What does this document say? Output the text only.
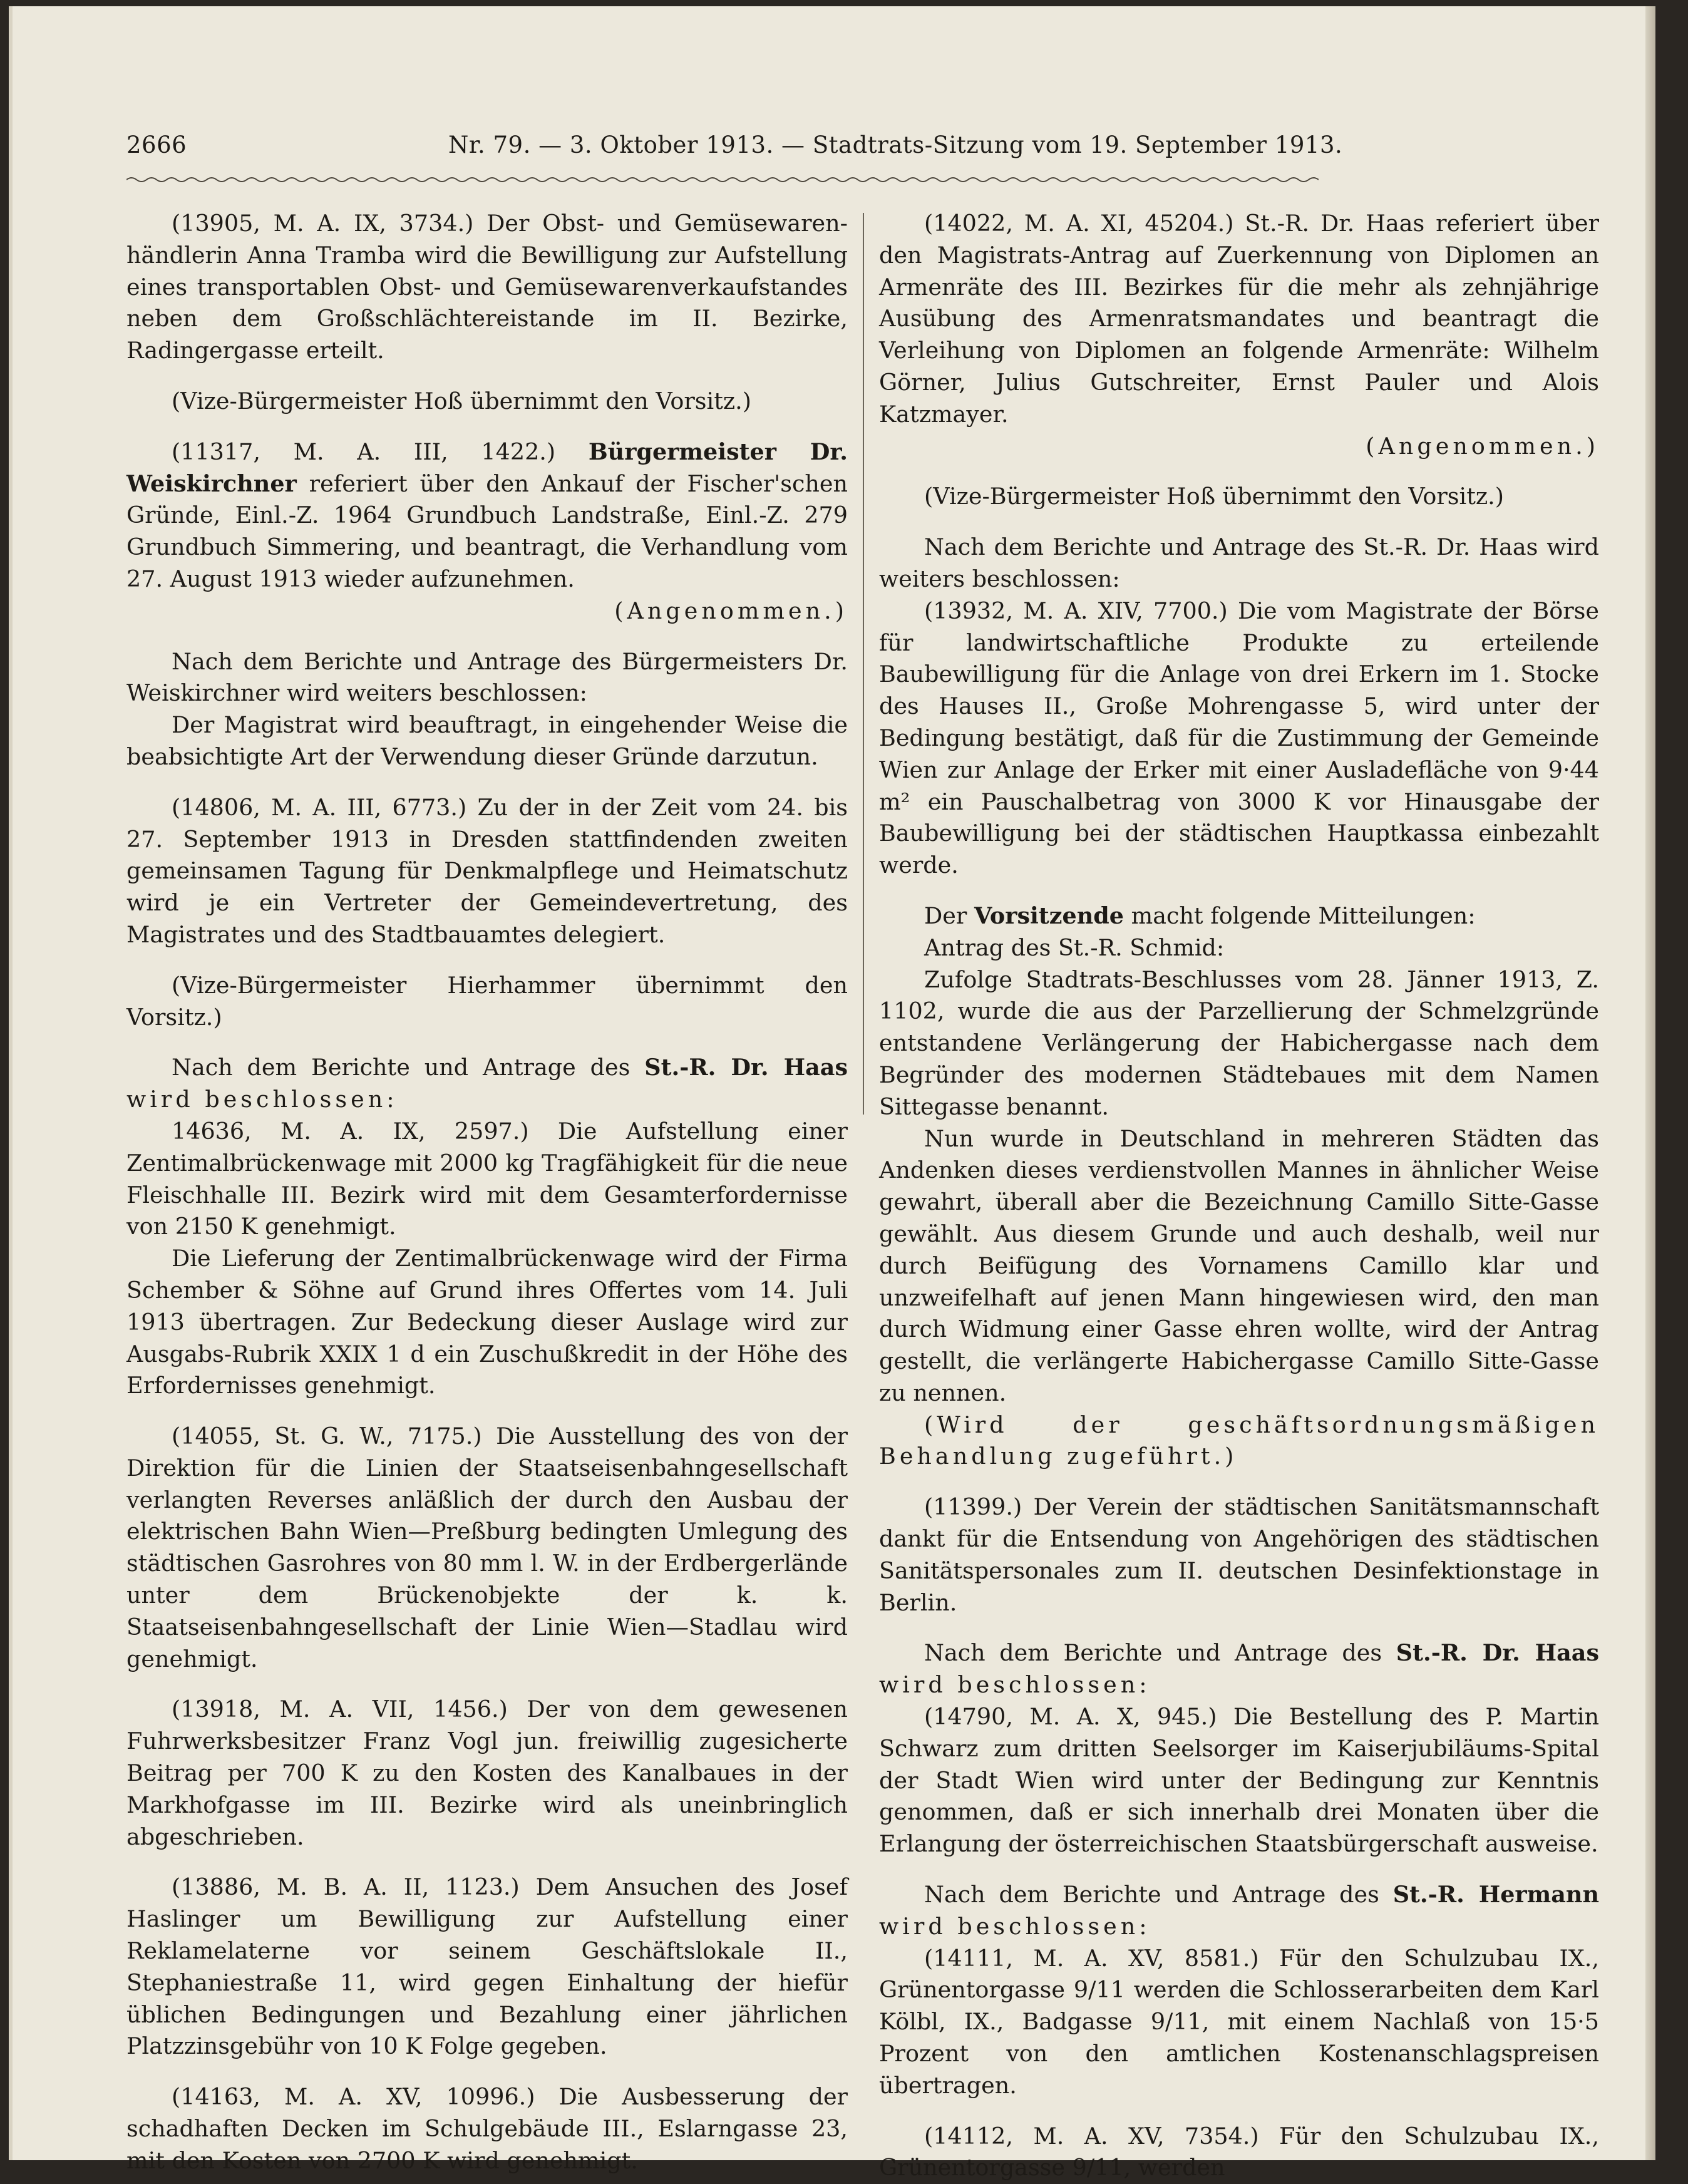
2666	Nr. 79. — 3. Oktober 1913. — Stadtrats-Sitzung vom 19. September 1913.

(13905, M. A. IX, 3734.) Der Obst- und Gemüsewaren-händlerin Anna Tramba wird die Bewilligung zur Aufstellung eines transportablen Obst- und Gemüsewarenverkaufstandes neben dem Großschlächtereistande im II. Bezirke, Radingergasse erteilt.

(Vize-Bürgermeister Hoß übernimmt den Vorsitz.)

(11317, M. A. III, 1422.) Bürgermeister Dr. Weiskirchner referiert über den Ankauf der Fischer'schen Gründe, Einl.-Z. 1964 Grundbuch Landstraße, Einl.-Z. 279 Grundbuch Simmering, und beantragt, die Verhandlung vom 27. August 1913 wieder aufzunehmen.
(Angenommen.)

Nach dem Berichte und Antrage des Bürgermeisters Dr. Weiskirchner wird weiters beschlossen:

Der Magistrat wird beauftragt, in eingehender Weise die beabsichtigte Art der Verwendung dieser Gründe darzutun.

(14806, M. A. III, 6773.) Zu der in der Zeit vom 24. bis 27. September 1913 in Dresden stattfindenden zweiten gemeinsamen Tagung für Denkmalpflege und Heimatschutz wird je ein Vertreter der Gemeindevertretung, des Magistrates und des Stadtbauamtes delegiert.

(Vize-Bürgermeister Hierhammer übernimmt den Vorsitz.)

Nach dem Berichte und Antrage des St.-R. Dr. Haas wird beschlossen:

14636, M. A. IX, 2597.) Die Aufstellung einer Zentimalbrückenwage mit 2000 kg Tragfähigkeit für die neue Fleischhalle III. Bezirk wird mit dem Gesamterfordernisse von 2150 K genehmigt.

Die Lieferung der Zentimalbrückenwage wird der Firma Schember & Söhne auf Grund ihres Offertes vom 14. Juli 1913 übertragen. Zur Bedeckung dieser Auslage wird zur Ausgabs-Rubrik XXIX 1 d ein Zuschußkredit in der Höhe des Erfordernisses genehmigt.

(14055, St. G. W., 7175.) Die Ausstellung des von der Direktion für die Linien der Staatseisenbahngesellschaft verlangten Reverses anläßlich der durch den Ausbau der elektrischen Bahn Wien—Preßburg bedingten Umlegung des städtischen Gasrohres von 80 mm l. W. in der Erdbergerlände unter dem Brückenobjekte der k. k. Staatseisenbahngesellschaft der Linie Wien—Stadlau wird genehmigt.

(13918, M. A. VII, 1456.) Der von dem gewesenen Fuhrwerksbesitzer Franz Vogl jun. freiwillig zugesicherte Beitrag per 700 K zu den Kosten des Kanalbaues in der Markhofgasse im III. Bezirke wird als uneinbringlich abgeschrieben.

(13886, M. B. A. II, 1123.) Dem Ansuchen des Josef Haslinger um Bewilligung zur Aufstellung einer Reklamelaterne vor seinem Geschäftslokale II., Stephaniestraße 11, wird gegen Einhaltung der hiefür üblichen Bedingungen und Bezahlung einer jährlichen Platzzinsgebühr von 10 K Folge gegeben.

(14163, M. A. XV, 10996.) Die Ausbesserung der schadhaften Decken im Schulgebäude III., Eslarngasse 23, mit den Kosten von 2700 K wird genehmigt.

(14022, M. A. XI, 45204.) St.-R. Dr. Haas referiert über den Magistrats-Antrag auf Zuerkennung von Diplomen an Armenräte des III. Bezirkes für die mehr als zehnjährige Ausübung des Armenratsmandates und beantragt die Verleihung von Diplomen an folgende Armenräte: Wilhelm Görner, Julius Gutschreiter, Ernst Pauler und Alois Katzmayer.

(Angenommen.)

(Vize-Bürgermeister Hoß übernimmt den Vorsitz.)

Nach dem Berichte und Antrage des St.-R. Dr. Haas wird weiters beschlossen:

(13932, M. A. XIV, 7700.) Die vom Magistrate der Börse für landwirtschaftliche Produkte zu erteilende Baubewilligung für die Anlage von drei Erkern im 1. Stocke des Hauses II., Große Mohrengasse 5, wird unter der Bedingung bestätigt, daß für die Zustimmung der Gemeinde Wien zur Anlage der Erker mit einer Ausladefläche von 9·44 m² ein Pauschalbetrag von 3000 K vor Hinausgabe der Baubewilligung bei der städtischen Hauptkassa einbezahlt werde.

Der Vorsitzende macht folgende Mitteilungen:

Antrag des St.-R. Schmid:

Zufolge Stadtrats-Beschlusses vom 28. Jänner 1913, Z. 1102, wurde die aus der Parzellierung der Schmelzgründe entstandene Verlängerung der Habichergasse nach dem Begründer des modernen Städtebaues mit dem Namen Sittegasse benannt.

Nun wurde in Deutschland in mehreren Städten das Andenken dieses verdienstvollen Mannes in ähnlicher Weise gewahrt, überall aber die Bezeichnung Camillo Sitte-Gasse gewählt. Aus diesem Grunde und auch deshalb, weil nur durch Beifügung des Vornamens Camillo klar und unzweifelhaft auf jenen Mann hingewiesen wird, den man durch Widmung einer Gasse ehren wollte, wird der Antrag gestellt, die verlängerte Habichergasse Camillo Sitte-Gasse zu nennen.

(Wird der geschäftsordnungsmäßigen Behandlung zugeführt.)

(11399.) Der Verein der städtischen Sanitätsmannschaft dankt für die Entsendung von Angehörigen des städtischen Sanitätspersonales zum II. deutschen Desinfektionstage in Berlin.

Nach dem Berichte und Antrage des St.-R. Dr. Haas wird beschlossen:

(14790, M. A. X, 945.) Die Bestellung des P. Martin Schwarz zum dritten Seelsorger im Kaiserjubiläums-Spital der Stadt Wien wird unter der Bedingung zur Kenntnis genommen, daß er sich innerhalb drei Monaten über die Erlangung der österreichischen Staatsbürgerschaft ausweise.

Nach dem Berichte und Antrage des St.-R. Hermann wird beschlossen:

(14111, M. A. XV, 8581.) Für den Schulzubau IX., Grünentorgasse 9/11 werden die Schlosserarbeiten dem Karl Kölbl, IX., Badgasse 9/11, mit einem Nachlaß von 15·5 Prozent von den amtlichen Kostenanschlagspreisen übertragen.

(14112, M. A. XV, 7354.) Für den Schulzubau IX., Grünentorgasse 9/11, werden
